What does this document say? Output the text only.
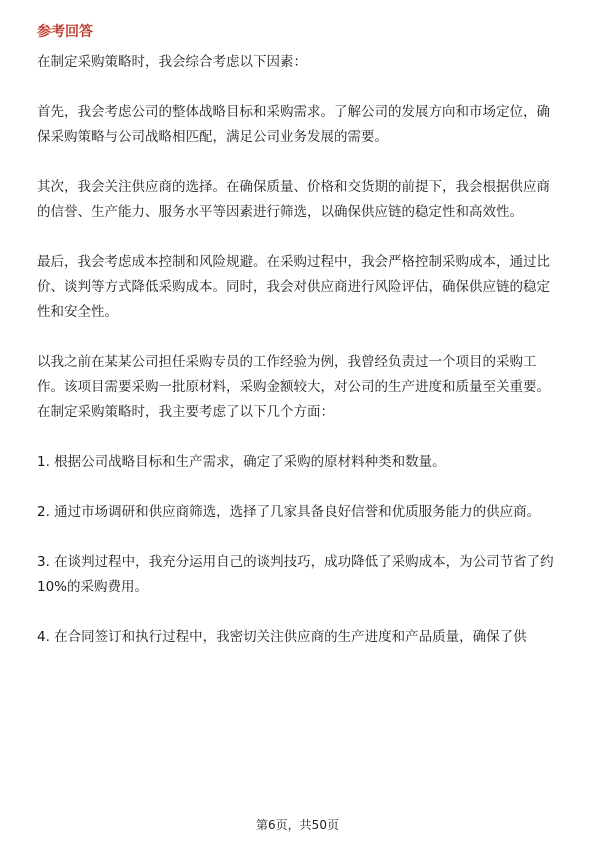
参考回答

在制定采购策略时，我会综合考虑以下因素：

首先，我会考虑公司的整体战略目标和采购需求。了解公司的发展方向和市场定位，确保采购策略与公司战略相匹配，满足公司业务发展的需要。

其次，我会关注供应商的选择。在确保质量、价格和交货期的前提下，我会根据供应商的信誉、生产能力、服务水平等因素进行筛选，以确保供应链的稳定性和高效性。

最后，我会考虑成本控制和风险规避。在采购过程中，我会严格控制采购成本，通过比价、谈判等方式降低采购成本。同时，我会对供应商进行风险评估，确保供应链的稳定性和安全性。

以我之前在某某公司担任采购专员的工作经验为例，我曾经负责过一个项目的采购工作。该项目需要采购一批原材料，采购金额较大，对公司的生产进度和质量至关重要。在制定采购策略时，我主要考虑了以下几个方面：

1. 根据公司战略目标和生产需求，确定了采购的原材料种类和数量。

2. 通过市场调研和供应商筛选，选择了几家具备良好信誉和优质服务能力的供应商。

3. 在谈判过程中，我充分运用自己的谈判技巧，成功降低了采购成本，为公司节省了约10%的采购费用。

4. 在合同签订和执行过程中，我密切关注供应商的生产进度和产品质量，确保了供

第6页，共50页
